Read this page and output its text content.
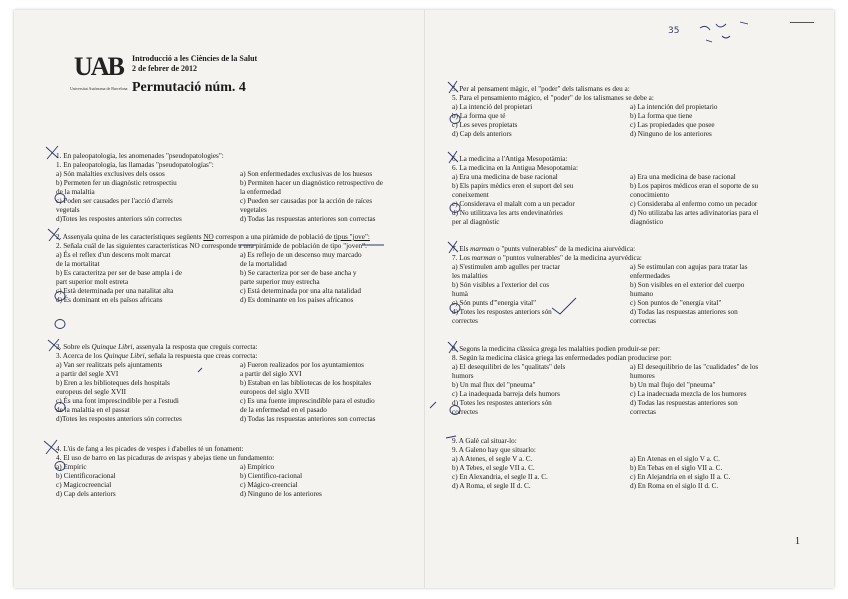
UAB
Universitat Autònoma de Barcelona
Introducció a les Ciències de la Salut
2 de febrer de 2012
Permutació núm. 4
35
1. En paleopatologia, les anomenades "pseudopatologies":
1. En paleopatología, las llamadas "pseudopatologías":
a) Són malalties exclusives dels ossos
b) Permeten fer un diagnòstic retrospectiu
de la malaltia
c) Poden ser causades per l'acció d'arrels
vegetals
d)Totes les respostes anteriors són correctes
a) Son enfermedades exclusivas de los huesos
b) Permiten hacer un diagnóstico retrospectivo de
la enfermedad
c) Pueden ser causadas por la acción de raíces
vegetales
d) Todas las respuestas anteriores son correctas
2. Assenyala quina de les característiques següents NO correspon a una piràmide de població de tipus "jove":
2. Señala cuál de las siguientes características NO corresponde a una pirámide de población de tipo "joven":
a) És el reflex d'un descens molt marcat
de la mortalitat
b) Es caracteritza per ser de base ampla i de
part superior molt estreta
c) Està determinada per una natalitat alta
d) És dominant en els països africans
a) Es reflejo de un descenso muy marcado
de la mortalidad
b) Se caracteriza por ser de base ancha y
parte superior muy estrecha
c) Está determinada por una alta natalidad
d) Es dominante en los países africanos
3. Sobre els Quinque Libri, assenyala la resposta que creguis correcta:
3. Acerca de los Quinque Libri, señala la respuesta que creas correcta:
a) Van ser realitzats pels ajuntaments
a partir del segle XVI
b) Eren a les biblioteques dels hospitals
europeus del segle XVII
c) És una font imprescindible per a l'estudi
de la malaltia en el passat
d)Totes les respostes anteriors són correctes
a) Fueron realizados por los ayuntamientos
a partir del siglo XVI
b) Estaban en las bibliotecas de los hospitales
europeos del siglo XVII
c) Es una fuente imprescindible para el estudio
de la enfermedad en el pasado
d) Todas las respuestas anteriores son correctas
4. L'ús de fang a les picades de vespes i d'abelles té un fonament:
4. El uso de barro en las picaduras de avispas y abejas tiene un fundamento:
a) Empíric
b) Científicoracional
c) Magicocreencial
d) Cap dels anteriors
a) Empírico
b) Científico-racional
c) Mágico-creencial
d) Ninguno de los anteriores
5. Per al pensament màgic, el "poder" dels talismans es deu a:
5. Para el pensamiento mágico, el "poder" de los talismanes se debe a:
a) La intenció del propietari
b) La forma que té
c) Les seves propietats
d) Cap dels anteriors
a) La intención del propietario
b) La forma que tiene
c) Las propiedades que posee
d) Ninguno de los anteriores
6. La medicina a l'Antiga Mesopotàmia:
6. La medicina en la Antigua Mesopotamia:
a) Era una medicina de base racional
b) Els papirs mèdics eren el suport del seu
coneixement
c) Considerava el malalt com a un pecador
d) No utilitzava les arts endevinatòries
per al diagnòstic
a) Era una medicina de base racional
b) Los papiros médicos eran el soporte de su
conocimiento
c) Consideraba al enfermo como un pecador
d) No utilizaba las artes adivinatorias para el
diagnóstico
7. Els marman o "punts vulnerables" de la medicina aiurvèdica:
7. Los marman o "puntos vulnerables" de la medicina ayurvédica:
a) S'estimulen amb agulles per tractar
les malalties
b) Són visibles a l'exterior del cos
humà
c) Són punts d'"energia vital"
d) Totes les respostes anteriors són
correctes
a) Se estimulan con agujas para tratar las
enfermedades
b) Son visibles en el exterior del cuerpo
humano
c) Son puntos de "energía vital"
d) Todas las respuestas anteriores son
correctas
8. Segons la medicina clàssica grega les malalties podien produir-se per:
8. Según la medicina clásica griega las enfermedades podían producirse por:
a) El desequilibri de les "qualitats" dels
humors
b) Un mal flux del "pneuma"
c) La inadequada barreja dels humors
d) Totes les respostes anteriors són
correctes
a) El desequilibrio de las "cualidades" de los
humores
b) Un mal flujo del "pneuma"
c) La inadecuada mezcla de los humores
d) Todas las respuestas anteriores son
correctas
9. A Galè cal situar-lo:
9. A Galeno hay que situarlo:
a) A Atenes, el segle V a. C.
b) A Tebes, el segle VII a. C.
c) En Alexandria, el segle II a. C.
d) A Roma, el segle II d. C.
a) En Atenas en el siglo V a. C.
b) En Tebas en el siglo VII a. C.
c) En Alejandría en el siglo II a. C.
d) En Roma en el siglo II d. C.
1
